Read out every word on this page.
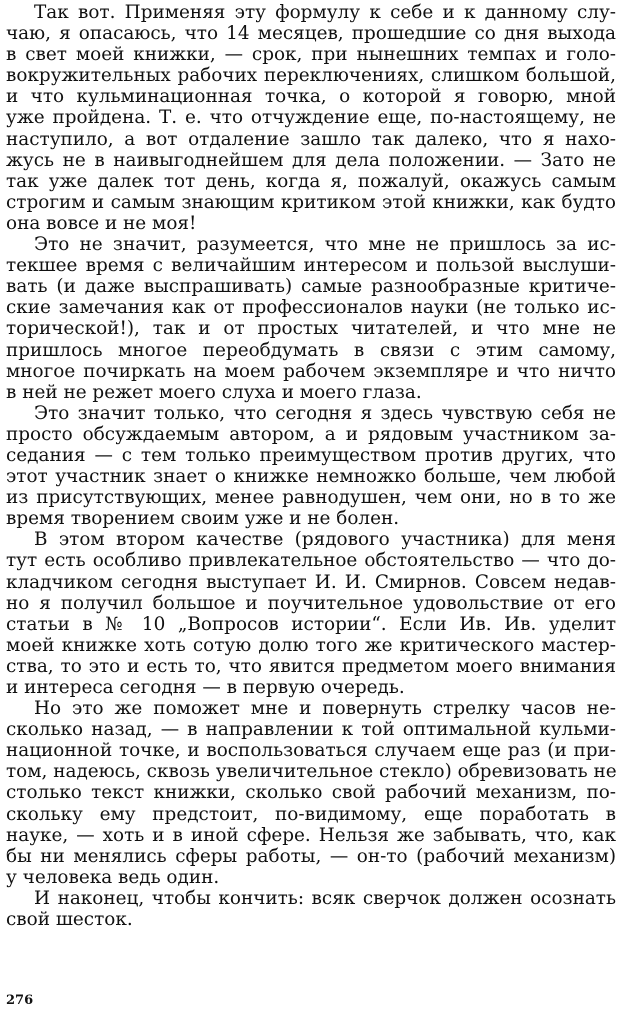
Так вот. Применяя эту формулу к себе и к данному слу-
чаю, я опасаюсь, что 14 месяцев, прошедшие со дня выхода
в свет моей книжки, — срок, при нынешних темпах и голо-
вокружительных рабочих переключениях, слишком большой,
и что кульминационная точка, о которой я говорю, мной
уже пройдена. Т. е. что отчуждение еще, по-настоящему, не
наступило, а вот отдаление зашло так далеко, что я нахо-
жусь не в наивыгоднейшем для дела положении. — Зато не
так уже далек тот день, когда я, пожалуй, окажусь самым
строгим и самым знающим критиком этой книжки, как будто
она вовсе и не моя!
Это не значит, разумеется, что мне не пришлось за ис-
текшее время с величайшим интересом и пользой выслуши-
вать (и даже выспрашивать) самые разнообразные критиче-
ские замечания как от профессионалов науки (не только ис-
торической!), так и от простых читателей, и что мне не
пришлось многое переобдумать в связи с этим самому,
многое почиркать на моем рабочем экземпляре и что ничто
в ней не режет моего слуха и моего глаза.
Это значит только, что сегодня я здесь чувствую себя не
просто обсуждаемым автором, а и рядовым участником за-
седания — с тем только преимуществом против других, что
этот участник знает о книжке немножко больше, чем любой
из присутствующих, менее равнодушен, чем они, но в то же
время творением своим уже и не болен.
В этом втором качестве (рядового участника) для меня
тут есть особливо привлекательное обстоятельство — что до-
кладчиком сегодня выступает И. И. Смирнов. Совсем недав-
но я получил большое и поучительное удовольствие от его
статьи в № 10 „Вопросов истории“. Если Ив. Ив. уделит
моей книжке хоть сотую долю того же критического мастер-
ства, то это и есть то, что явится предметом моего внимания
и интереса сегодня — в первую очередь.
Но это же поможет мне и повернуть стрелку часов не-
сколько назад, — в направлении к той оптимальной кульми-
национной точке, и воспользоваться случаем еще раз (и при-
том, надеюсь, сквозь увеличительное стекло) обревизовать не
столько текст книжки, сколько свой рабочий механизм, по-
скольку ему предстоит, по-видимому, еще поработать в
науке, — хоть и в иной сфере. Нельзя же забывать, что, как
бы ни менялись сферы работы, — он-то (рабочий механизм)
у человека ведь один.
И наконец, чтобы кончить: всяк сверчок должен осознать
свой шесток.
276
